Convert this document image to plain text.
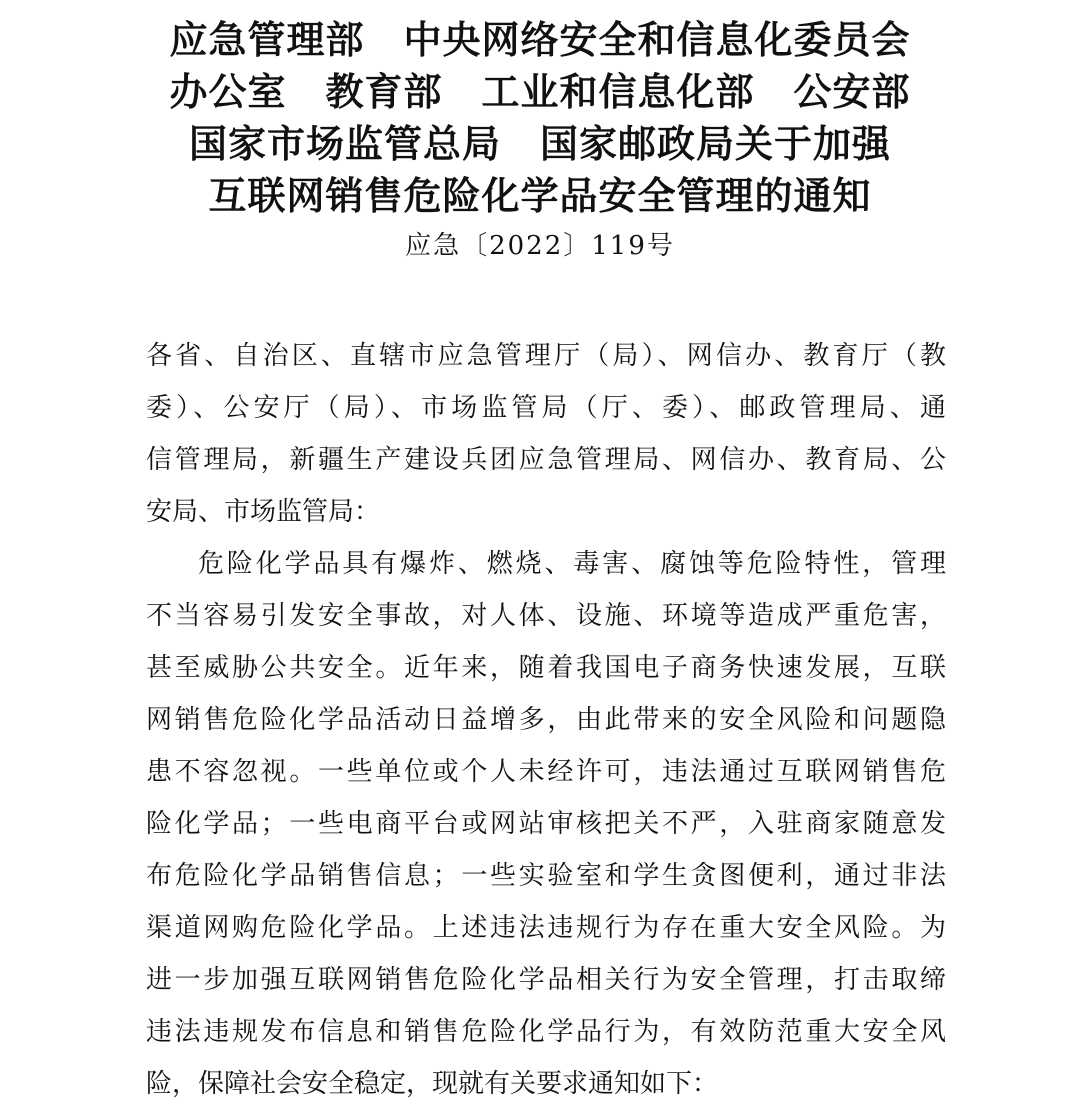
应急管理部　中央网络安全和信息化委员会
办公室　教育部　工业和信息化部　公安部
国家市场监管总局　国家邮政局关于加强
互联网销售危险化学品安全管理的通知
应急〔2022〕119号
各省、自治区、直辖市应急管理厅（局）、网信办、教育厅（教
委）、公安厅（局）、市场监管局（厅、委）、邮政管理局、通
信管理局，新疆生产建设兵团应急管理局、网信办、教育局、公
安局、市场监管局：
危险化学品具有爆炸、燃烧、毒害、腐蚀等危险特性，管理
不当容易引发安全事故，对人体、设施、环境等造成严重危害，
甚至威胁公共安全。近年来，随着我国电子商务快速发展，互联
网销售危险化学品活动日益增多，由此带来的安全风险和问题隐
患不容忽视。一些单位或个人未经许可，违法通过互联网销售危
险化学品；一些电商平台或网站审核把关不严，入驻商家随意发
布危险化学品销售信息；一些实验室和学生贪图便利，通过非法
渠道网购危险化学品。上述违法违规行为存在重大安全风险。为
进一步加强互联网销售危险化学品相关行为安全管理，打击取缔
违法违规发布信息和销售危险化学品行为，有效防范重大安全风
险，保障社会安全稳定，现就有关要求通知如下：
